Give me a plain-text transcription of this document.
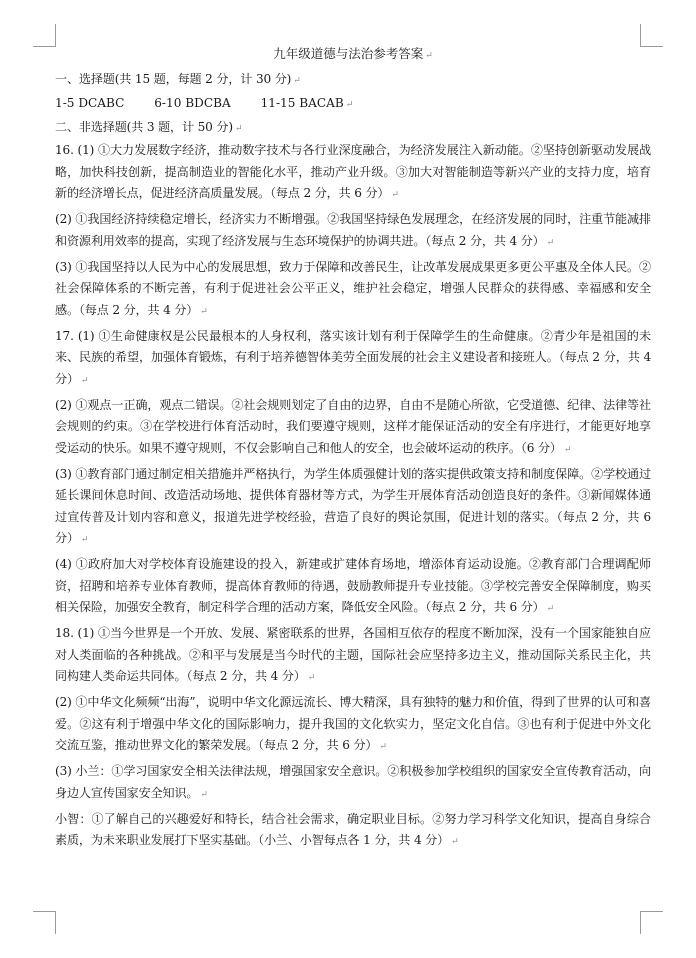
九年级道德与法治参考答案 ↵
一、选择题(共 15 题，每题 2 分，计 30 分) ↵
1-5 DCABC 6-10 BDCBA 11-15 BACAB ↵
二、非选择题(共 3 题，计 50 分) ↵
16. (1) ①大力发展数字经济，推动数字技术与各行业深度融合，为经济发展注入新动能。②坚持创新驱动发展战略，加快科技创新，提高制造业的智能化水平，推动产业升级。③加大对智能制造等新兴产业的支持力度，培育新的经济增长点，促进经济高质量发展。（每点 2 分，共 6 分） ↵
(2) ①我国经济持续稳定增长，经济实力不断增强。②我国坚持绿色发展理念，在经济发展的同时，注重节能减排和资源利用效率的提高，实现了经济发展与生态环境保护的协调共进。（每点 2 分，共 4 分） ↵
(3) ①我国坚持以人民为中心的发展思想，致力于保障和改善民生，让改革发展成果更多更公平惠及全体人民。②社会保障体系的不断完善，有利于促进社会公平正义，维护社会稳定，增强人民群众的获得感、幸福感和安全感。（每点 2 分，共 4 分） ↵
17. (1) ①生命健康权是公民最根本的人身权利，落实该计划有利于保障学生的生命健康。②青少年是祖国的未来、民族的希望，加强体育锻炼，有利于培养德智体美劳全面发展的社会主义建设者和接班人。（每点 2 分，共 4 分） ↵
(2) ①观点一正确，观点二错误。②社会规则划定了自由的边界，自由不是随心所欲，它受道德、纪律、法律等社会规则的约束。③在学校进行体育活动时，我们要遵守规则，这样才能保证活动的安全有序进行，才能更好地享受运动的快乐。如果不遵守规则，不仅会影响自己和他人的安全，也会破坏运动的秩序。（6 分） ↵
(3) ①教育部门通过制定相关措施并严格执行，为学生体质强健计划的落实提供政策支持和制度保障。②学校通过延长课间休息时间、改造活动场地、提供体育器材等方式，为学生开展体育活动创造良好的条件。③新闻媒体通过宣传普及计划内容和意义，报道先进学校经验，营造了良好的舆论氛围，促进计划的落实。（每点 2 分，共 6 分） ↵
(4) ①政府加大对学校体育设施建设的投入，新建或扩建体育场地，增添体育运动设施。②教育部门合理调配师资，招聘和培养专业体育教师，提高体育教师的待遇，鼓励教师提升专业技能。③学校完善安全保障制度，购买相关保险，加强安全教育，制定科学合理的活动方案，降低安全风险。（每点 2 分，共 6 分） ↵
18. (1) ①当今世界是一个开放、发展、紧密联系的世界，各国相互依存的程度不断加深，没有一个国家能独自应对人类面临的各种挑战。②和平与发展是当今时代的主题，国际社会应坚持多边主义，推动国际关系民主化，共同构建人类命运共同体。（每点 2 分，共 4 分） ↵
(2) ①中华文化频频“出海”，说明中华文化源远流长、博大精深，具有独特的魅力和价值，得到了世界的认可和喜爱。②这有利于增强中华文化的国际影响力，提升我国的文化软实力，坚定文化自信。③也有利于促进中外文化交流互鉴，推动世界文化的繁荣发展。（每点 2 分，共 6 分） ↵
(3) 小兰：①学习国家安全相关法律法规，增强国家安全意识。②积极参加学校组织的国家安全宣传教育活动，向身边人宣传国家安全知识。 ↵
小智：①了解自己的兴趣爱好和特长，结合社会需求，确定职业目标。②努力学习科学文化知识，提高自身综合素质，为未来职业发展打下坚实基础。（小兰、小智每点各 1 分，共 4 分） ↵
